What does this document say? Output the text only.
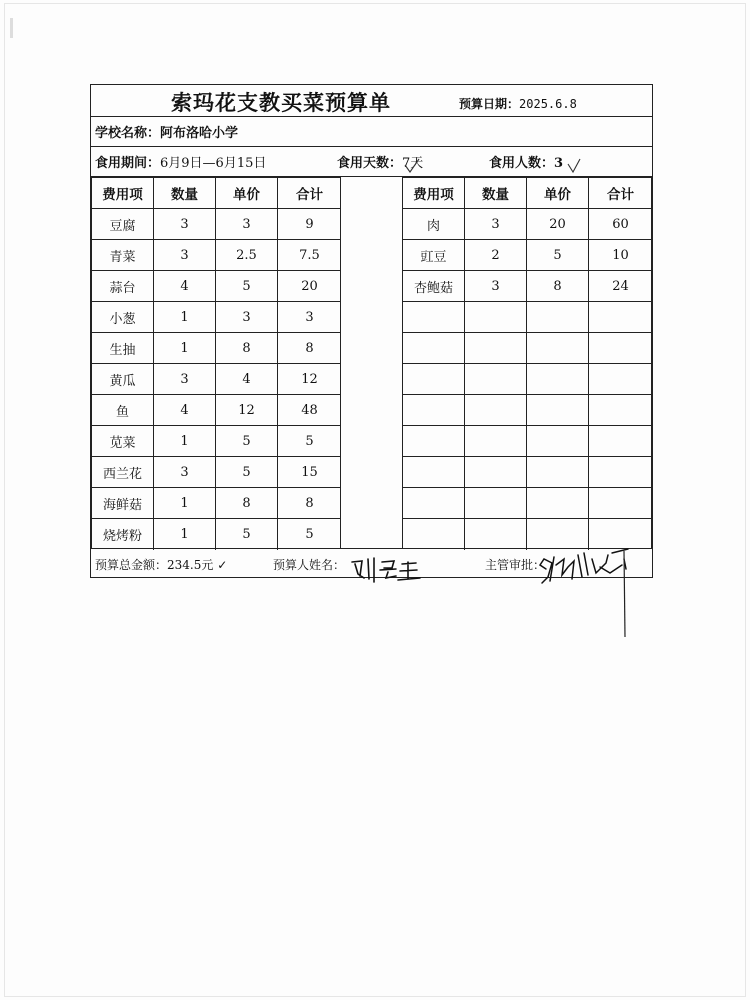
索玛花支教买菜预算单	预算日期：2025.6.8
学校名称：阿布洛哈小学
食用期间：6月9日—6月15日	食用天数：7天	食用人数：3
费用项	数量	单价	合计
豆腐	3	3	9
青菜	3	2.5	7.5
蒜台	4	5	20
小葱	1	3	3
生抽	1	8	8
黄瓜	3	4	12
鱼	4	12	48
苋菜	1	5	5
西兰花	3	5	15
海鲜菇	1	8	8
烧烤粉	1	5	5
费用项	数量	单价	合计
肉	3	20	60
豇豆	2	5	10
杏鲍菇	3	8	24
预算总金额：234.5元 ✓	预算人姓名：	主管审批：
